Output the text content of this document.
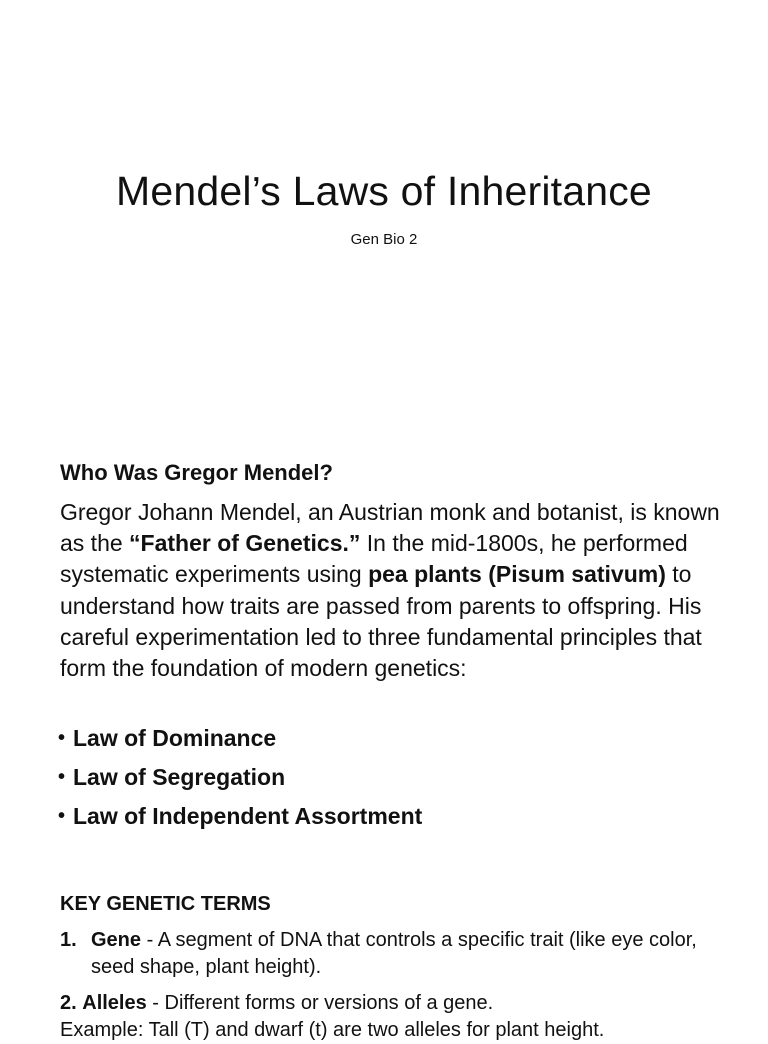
Mendel’s Laws of Inheritance
Gen Bio 2
Who Was Gregor Mendel?

Gregor Johann Mendel, an Austrian monk and botanist, is known as the “Father of Genetics.” In the mid-1800s, he performed systematic experiments using pea plants (Pisum sativum) to understand how traits are passed from parents to offspring. His careful experimentation led to three fundamental principles that form the foundation of modern genetics:

• Law of Dominance
• Law of Segregation
• Law of Independent Assortment
KEY GENETIC TERMS
1. Gene - A segment of DNA that controls a specific trait (like eye color, seed shape, plant height).
2. Alleles - Different forms or versions of a gene.
Example: Tall (T) and dwarf (t) are two alleles for plant height.
